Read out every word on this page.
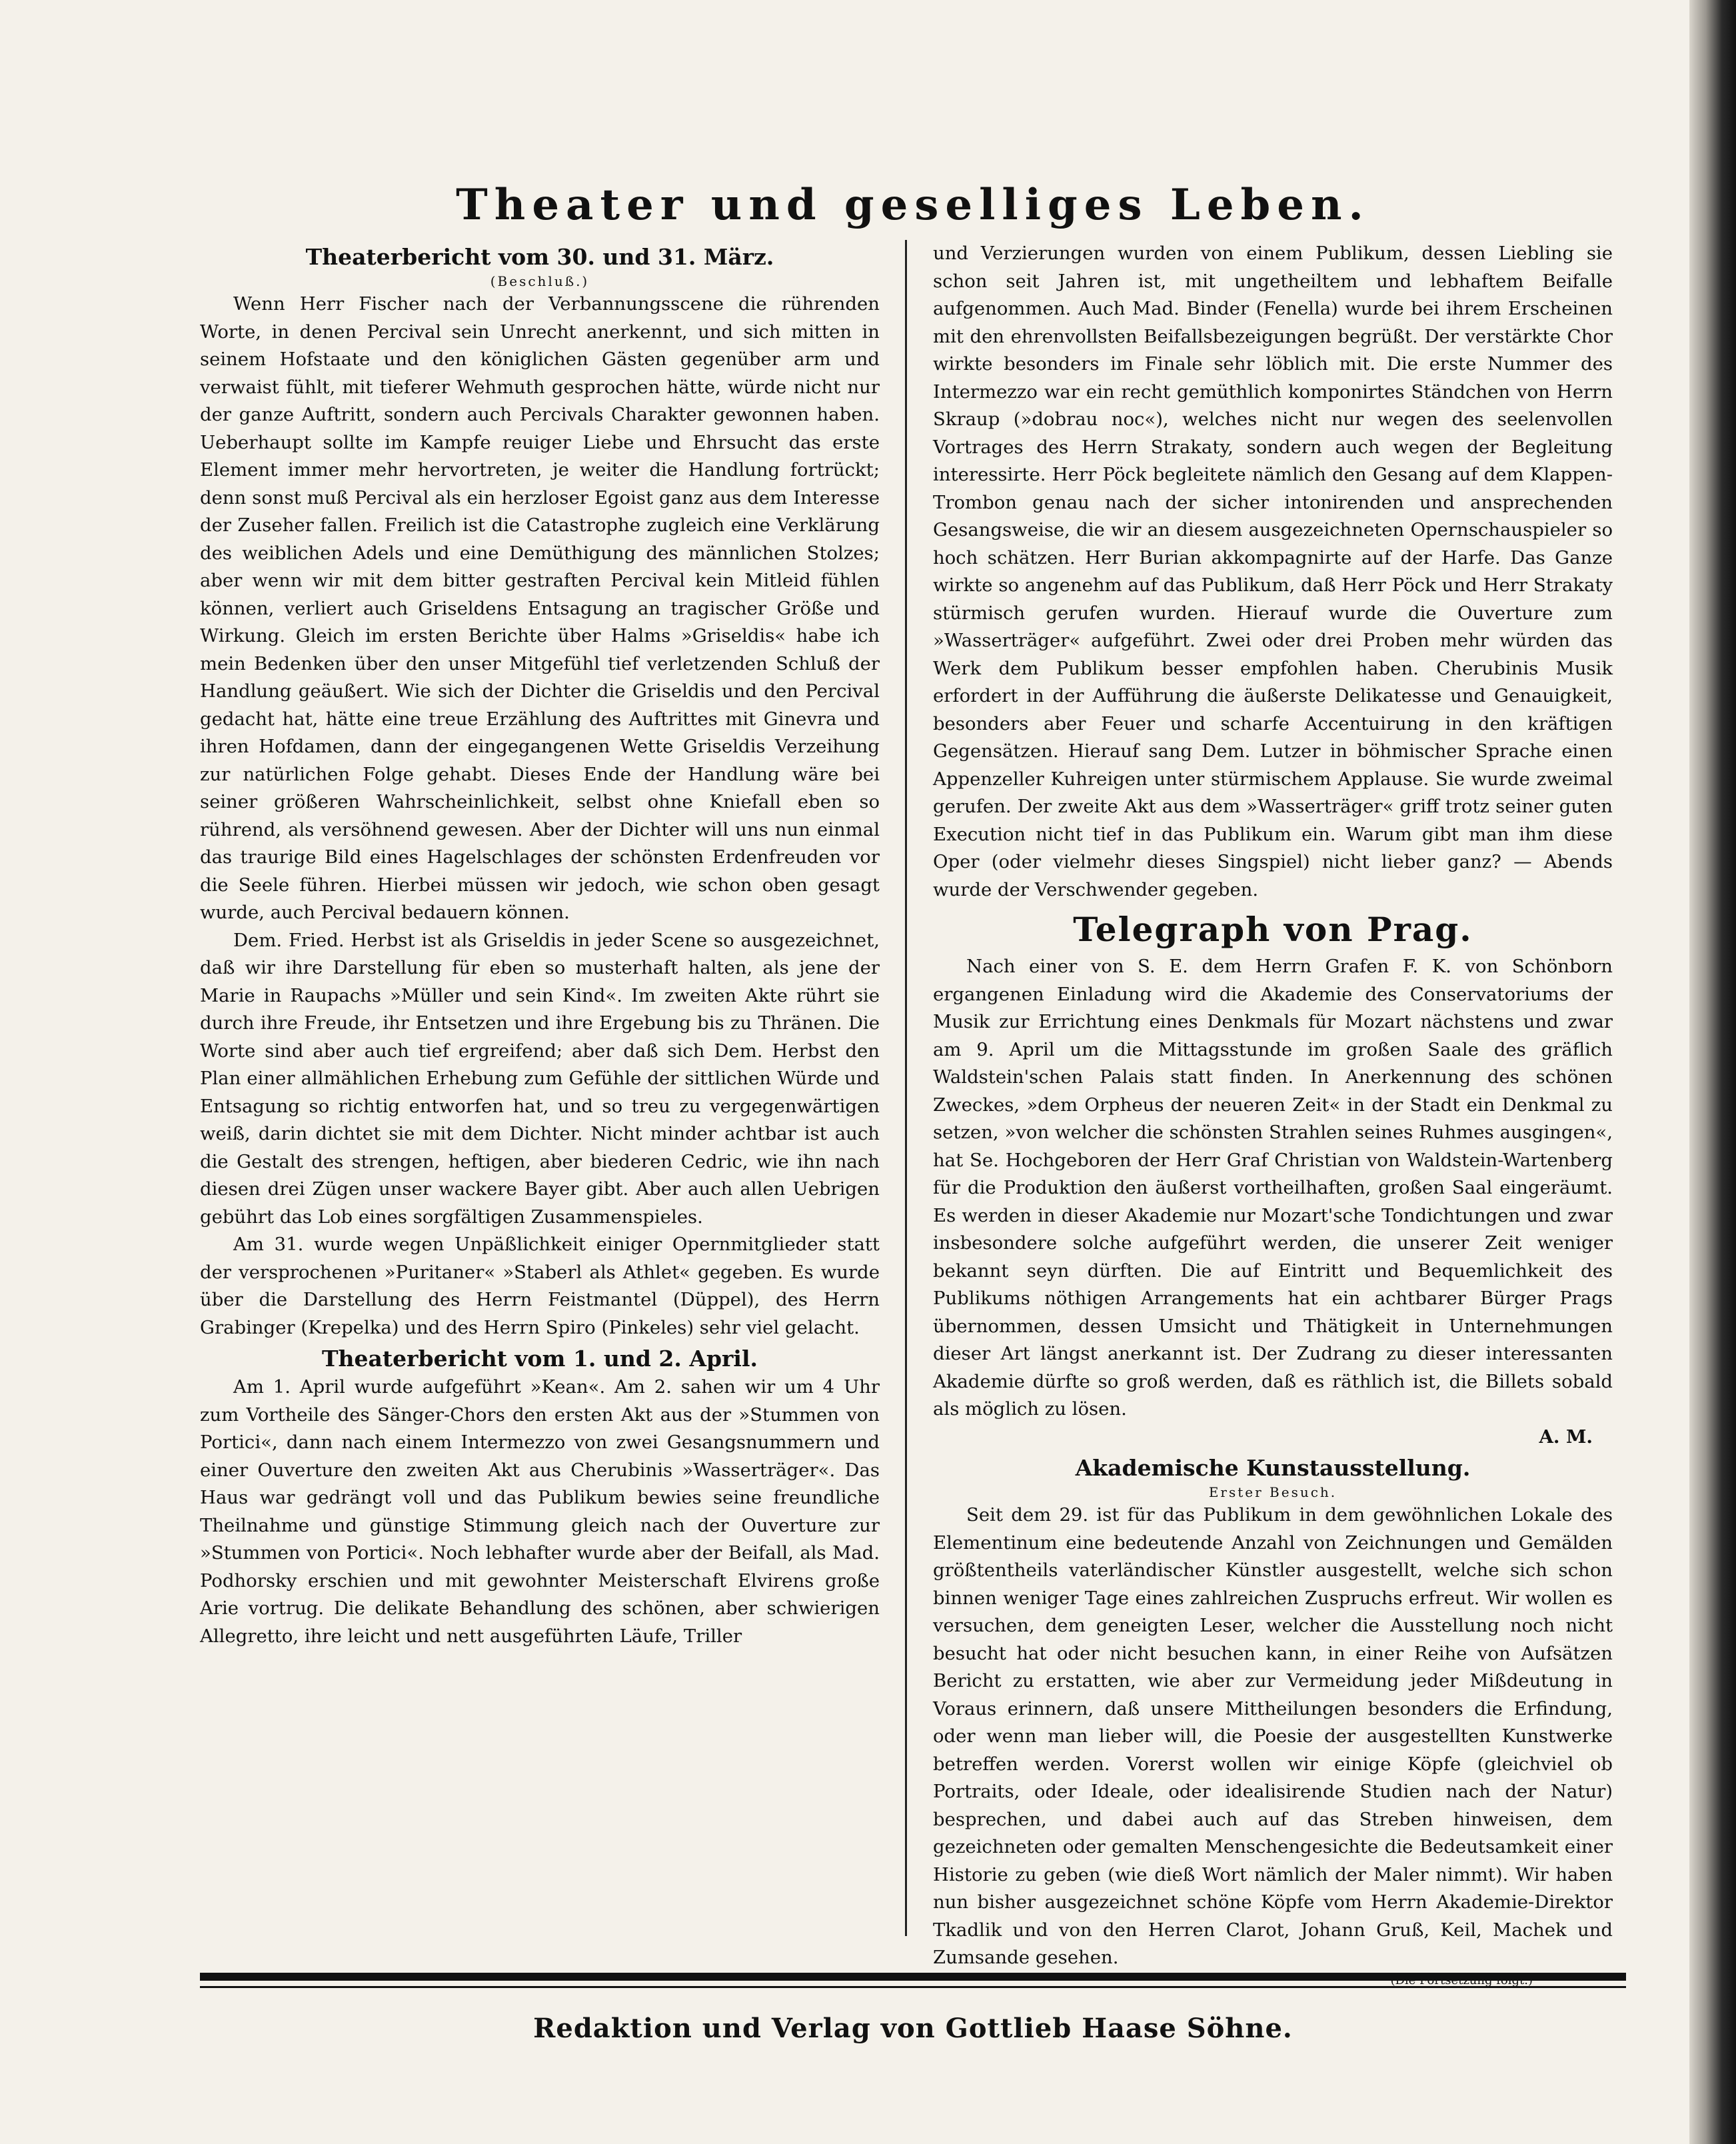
Theater und geselliges Leben.
Theaterbericht vom 30. und 31. März.
(Beschluß.)

Wenn Herr Fischer nach der Verbannungsscene die rührenden Worte, in denen Percival sein Unrecht anerkennt, und sich mitten in seinem Hofstaate und den königlichen Gästen gegenüber arm und verwaist fühlt, mit tieferer Wehmuth gesprochen hätte, würde nicht nur der ganze Auftritt, sondern auch Percivals Charakter gewonnen haben. Ueberhaupt sollte im Kampfe reuiger Liebe und Ehrsucht das erste Element immer mehr hervortreten, je weiter die Handlung fortrückt; denn sonst muß Percival als ein herzloser Egoist ganz aus dem Interesse der Zuseher fallen. Freilich ist die Catastrophe zugleich eine Verklärung des weiblichen Adels und eine Demüthigung des männlichen Stolzes; aber wenn wir mit dem bitter gestraften Percival kein Mitleid fühlen können, verliert auch Griseldens Entsagung an tragischer Größe und Wirkung. Gleich im ersten Berichte über Halms »Griseldis« habe ich mein Bedenken über den unser Mitgefühl tief verletzenden Schluß der Handlung geäußert. Wie sich der Dichter die Griseldis und den Percival gedacht hat, hätte eine treue Erzählung des Auftrittes mit Ginevra und ihren Hofdamen, dann der eingegangenen Wette Griseldis Verzeihung zur natürlichen Folge gehabt. Dieses Ende der Handlung wäre bei seiner größeren Wahrscheinlichkeit, selbst ohne Kniefall eben so rührend, als versöhnend gewesen. Aber der Dichter will uns nun einmal das traurige Bild eines Hagelschlages der schönsten Erdenfreuden vor die Seele führen. Hierbei müssen wir jedoch, wie schon oben gesagt wurde, auch Percival bedauern können.

Dem. Fried. Herbst ist als Griseldis in jeder Scene so ausgezeichnet, daß wir ihre Darstellung für eben so musterhaft halten, als jene der Marie in Raupachs »Müller und sein Kind«. Im zweiten Akte rührt sie durch ihre Freude, ihr Entsetzen und ihre Ergebung bis zu Thränen. Die Worte sind aber auch tief ergreifend; aber daß sich Dem. Herbst den Plan einer allmählichen Erhebung zum Gefühle der sittlichen Würde und Entsagung so richtig entworfen hat, und so treu zu vergegenwärtigen weiß, darin dichtet sie mit dem Dichter. Nicht minder achtbar ist auch die Gestalt des strengen, heftigen, aber biederen Cedric, wie ihn nach diesen drei Zügen unser wackere Bayer gibt. Aber auch allen Uebrigen gebührt das Lob eines sorgfältigen Zusammenspieles.

Am 31. wurde wegen Unpäßlichkeit einiger Opernmitglieder statt der versprochenen »Puritaner« »Staberl als Athlet« gegeben. Es wurde über die Darstellung des Herrn Feistmantel (Düppel), des Herrn Grabinger (Krepelka) und des Herrn Spiro (Pinkeles) sehr viel gelacht.

Theaterbericht vom 1. und 2. April.

Am 1. April wurde aufgeführt »Kean«. Am 2. sahen wir um 4 Uhr zum Vortheile des Sänger-Chors den ersten Akt aus der »Stummen von Portici«, dann nach einem Intermezzo von zwei Gesangsnummern und einer Ouverture den zweiten Akt aus Cherubinis »Wasserträger«. Das Haus war gedrängt voll und das Publikum bewies seine freundliche Theilnahme und günstige Stimmung gleich nach der Ouverture zur »Stummen von Portici«. Noch lebhafter wurde aber der Beifall, als Mad. Podhorsky erschien und mit gewohnter Meisterschaft Elvirens große Arie vortrug. Die delikate Behandlung des schönen, aber schwierigen Allegretto, ihre leicht und nett ausgeführten Läufe, Triller

und Verzierungen wurden von einem Publikum, dessen Liebling sie schon seit Jahren ist, mit ungetheiltem und lebhaftem Beifalle aufgenommen. Auch Mad. Binder (Fenella) wurde bei ihrem Erscheinen mit den ehrenvollsten Beifallsbezeigungen begrüßt. Der verstärkte Chor wirkte besonders im Finale sehr löblich mit. Die erste Nummer des Intermezzo war ein recht gemüthlich komponirtes Ständchen von Herrn Skraup (»dobrau noc«), welches nicht nur wegen des seelenvollen Vortrages des Herrn Strakaty, sondern auch wegen der Begleitung interessirte. Herr Pöck begleitete nämlich den Gesang auf dem Klappen-Trombon genau nach der sicher intonirenden und ansprechenden Gesangsweise, die wir an diesem ausgezeichneten Opernschauspieler so hoch schätzen. Herr Burian akkompagnirte auf der Harfe. Das Ganze wirkte so angenehm auf das Publikum, daß Herr Pöck und Herr Strakaty stürmisch gerufen wurden. Hierauf wurde die Ouverture zum »Wasserträger« aufgeführt. Zwei oder drei Proben mehr würden das Werk dem Publikum besser empfohlen haben. Cherubinis Musik erfordert in der Aufführung die äußerste Delikatesse und Genauigkeit, besonders aber Feuer und scharfe Accentuirung in den kräftigen Gegensätzen. Hierauf sang Dem. Lutzer in böhmischer Sprache einen Appenzeller Kuhreigen unter stürmischem Applause. Sie wurde zweimal gerufen. Der zweite Akt aus dem »Wasserträger« griff trotz seiner guten Execution nicht tief in das Publikum ein. Warum gibt man ihm diese Oper (oder vielmehr dieses Singspiel) nicht lieber ganz? — Abends wurde der Verschwender gegeben.

Telegraph von Prag.

Nach einer von S. E. dem Herrn Grafen F. K. von Schönborn ergangenen Einladung wird die Akademie des Conservatoriums der Musik zur Errichtung eines Denkmals für Mozart nächstens und zwar am 9. April um die Mittagsstunde im großen Saale des gräflich Waldstein'schen Palais statt finden. In Anerkennung des schönen Zweckes, »dem Orpheus der neueren Zeit« in der Stadt ein Denkmal zu setzen, »von welcher die schönsten Strahlen seines Ruhmes ausgingen«, hat Se. Hochgeboren der Herr Graf Christian von Waldstein-Wartenberg für die Produktion den äußerst vortheilhaften, großen Saal eingeräumt. Es werden in dieser Akademie nur Mozart'sche Tondichtungen und zwar insbesondere solche aufgeführt werden, die unserer Zeit weniger bekannt seyn dürften. Die auf Eintritt und Bequemlichkeit des Publikums nöthigen Arrangements hat ein achtbarer Bürger Prags übernommen, dessen Umsicht und Thätigkeit in Unternehmungen dieser Art längst anerkannt ist. Der Zudrang zu dieser interessanten Akademie dürfte so groß werden, daß es räthlich ist, die Billets sobald als möglich zu lösen.

A. M.
Akademische Kunstausstellung.
Erster Besuch.

Seit dem 29. ist für das Publikum in dem gewöhnlichen Lokale des Elementinum eine bedeutende Anzahl von Zeichnungen und Gemälden größtentheils vaterländischer Künstler ausgestellt, welche sich schon binnen weniger Tage eines zahlreichen Zuspruchs erfreut. Wir wollen es versuchen, dem geneigten Leser, welcher die Ausstellung noch nicht besucht hat oder nicht besuchen kann, in einer Reihe von Aufsätzen Bericht zu erstatten, wie aber zur Vermeidung jeder Mißdeutung in Voraus erinnern, daß unsere Mittheilungen besonders die Erfindung, oder wenn man lieber will, die Poesie der ausgestellten Kunstwerke betreffen werden. Vorerst wollen wir einige Köpfe (gleichviel ob Portraits, oder Ideale, oder idealisirende Studien nach der Natur) besprechen, und dabei auch auf das Streben hinweisen, dem gezeichneten oder gemalten Menschengesichte die Bedeutsamkeit einer Historie zu geben (wie dieß Wort nämlich der Maler nimmt). Wir haben nun bisher ausgezeichnet schöne Köpfe vom Herrn Akademie-Direktor Tkadlik und von den Herren Clarot, Johann Gruß, Keil, Machek und Zumsande gesehen.

Redaktion und Verlag von Gottlieb Haase Söhne.
